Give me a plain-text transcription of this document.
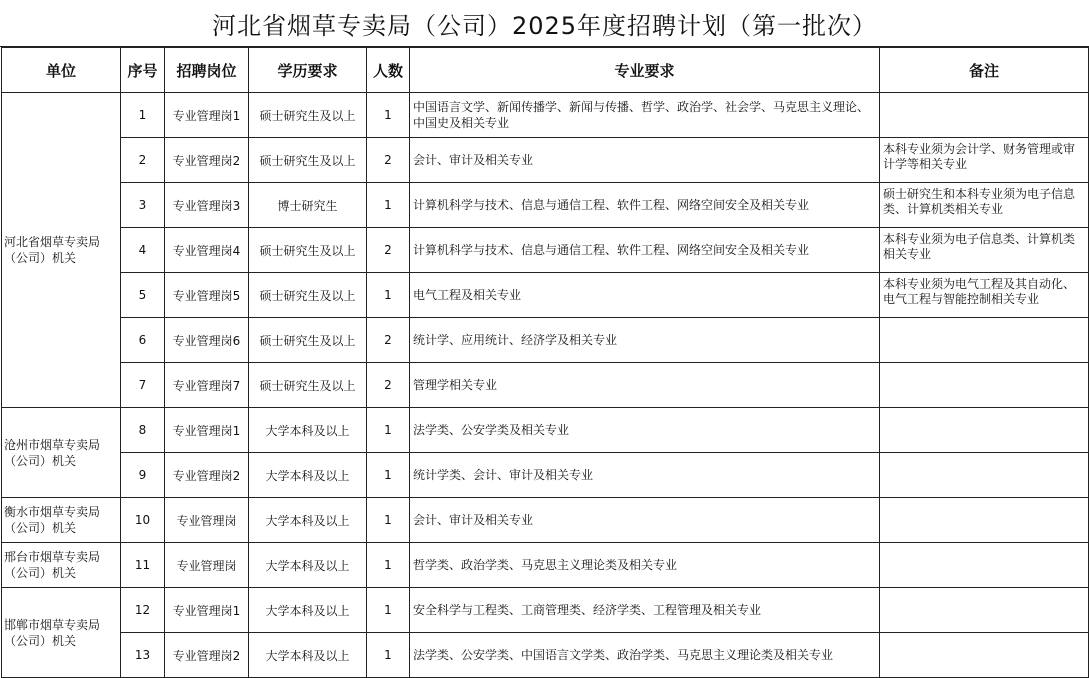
河北省烟草专卖局（公司）2025年度招聘计划（第一批次）
单位	序号	招聘岗位	学历要求	人数	专业要求	备注
河北省烟草专卖局（公司）机关	1	专业管理岗1	硕士研究生及以上	1	中国语言文学、新闻传播学、新闻与传播、哲学、政治学、社会学、马克思主义理论、中国史及相关专业	
	2	专业管理岗2	硕士研究生及以上	2	会计、审计及相关专业	本科专业须为会计学、财务管理或审计学等相关专业
	3	专业管理岗3	博士研究生	1	计算机科学与技术、信息与通信工程、软件工程、网络空间安全及相关专业	硕士研究生和本科专业须为电子信息类、计算机类相关专业
	4	专业管理岗4	硕士研究生及以上	2	计算机科学与技术、信息与通信工程、软件工程、网络空间安全及相关专业	本科专业须为电子信息类、计算机类相关专业
	5	专业管理岗5	硕士研究生及以上	1	电气工程及相关专业	本科专业须为电气工程及其自动化、电气工程与智能控制相关专业
	6	专业管理岗6	硕士研究生及以上	2	统计学、应用统计、经济学及相关专业	
	7	专业管理岗7	硕士研究生及以上	2	管理学相关专业	
沧州市烟草专卖局（公司）机关	8	专业管理岗1	大学本科及以上	1	法学类、公安学类及相关专业	
	9	专业管理岗2	大学本科及以上	1	统计学类、会计、审计及相关专业	
衡水市烟草专卖局（公司）机关	10	专业管理岗	大学本科及以上	1	会计、审计及相关专业	
邢台市烟草专卖局（公司）机关	11	专业管理岗	大学本科及以上	1	哲学类、政治学类、马克思主义理论类及相关专业	
邯郸市烟草专卖局（公司）机关	12	专业管理岗1	大学本科及以上	1	安全科学与工程类、工商管理类、经济学类、工程管理及相关专业	
	13	专业管理岗2	大学本科及以上	1	法学类、公安学类、中国语言文学类、政治学类、马克思主义理论类及相关专业	
